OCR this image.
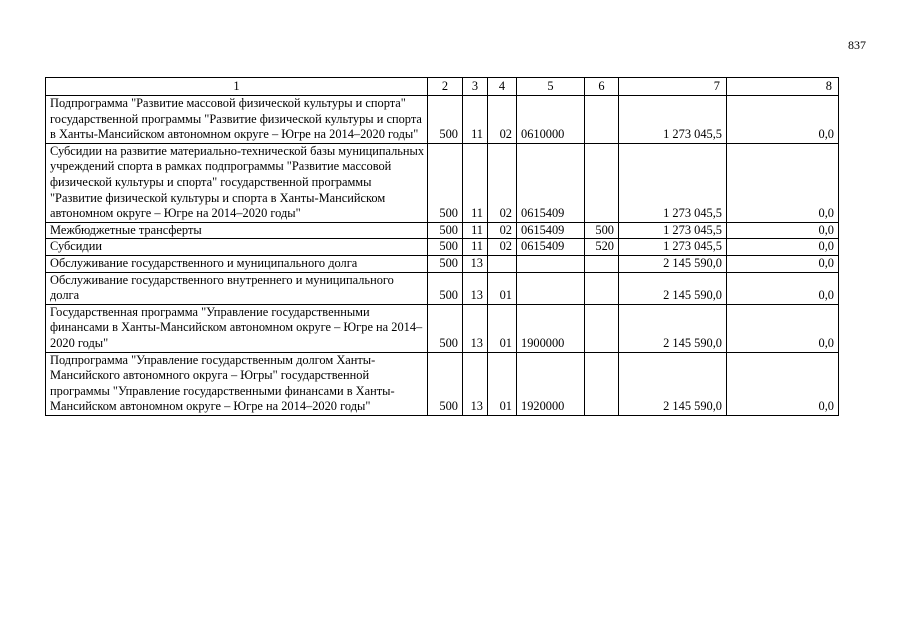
837
1	2	3	4	5	6	7	8
Подпрограмма "Развитие массовой физической культуры и спорта" государственной программы "Развитие физической культуры и спорта в Ханты-Мансийском автономном округе – Югре на 2014–2020 годы"	500	11	02	0610000		1 273 045,5	0,0
Субсидии на развитие материально-технической базы муниципальных учреждений спорта в рамках подпрограммы "Развитие массовой физической культуры и спорта" государственной программы "Развитие физической культуры и спорта в Ханты-Мансийском автономном округе – Югре на 2014–2020 годы"	500	11	02	0615409		1 273 045,5	0,0
Межбюджетные трансферты	500	11	02	0615409	500	1 273 045,5	0,0
Субсидии	500	11	02	0615409	520	1 273 045,5	0,0
Обслуживание государственного и муниципального долга	500	13				2 145 590,0	0,0
Обслуживание государственного внутреннего и муниципального долга	500	13	01			2 145 590,0	0,0
Государственная программа "Управление государственными финансами в Ханты-Мансийском автономном округе – Югре на 2014–2020 годы"	500	13	01	1900000		2 145 590,0	0,0
Подпрограмма "Управление государственным долгом Ханты-Мансийского автономного округа – Югры" государственной программы "Управление государственными финансами в Ханты-Мансийском автономном округе – Югре на 2014–2020 годы"	500	13	01	1920000		2 145 590,0	0,0
